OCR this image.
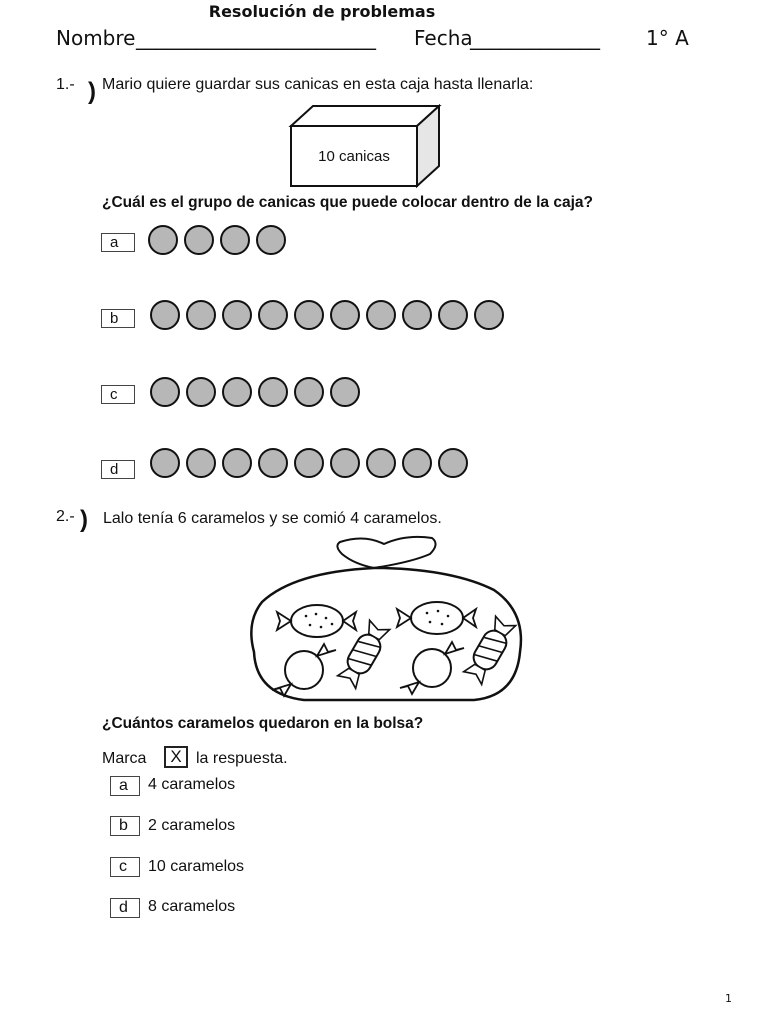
Resolución de problemas
Nombre ________________________ Fecha
_____________ 1° A
1.- ) Mario quiere guardar sus canicas en esta caja hasta llenarla:
10 canicas
¿Cuál es el grupo de canicas que puede colocar dentro de la caja?
a
b
c
d
2.- ) Lalo tenía 6 caramelos y se comió 4 caramelos.
¿Cuántos caramelos quedaron en la bolsa?
Marca	X la respuesta.
a	4 caramelos
b	2 caramelos
c	10 caramelos
d	8 caramelos
1
